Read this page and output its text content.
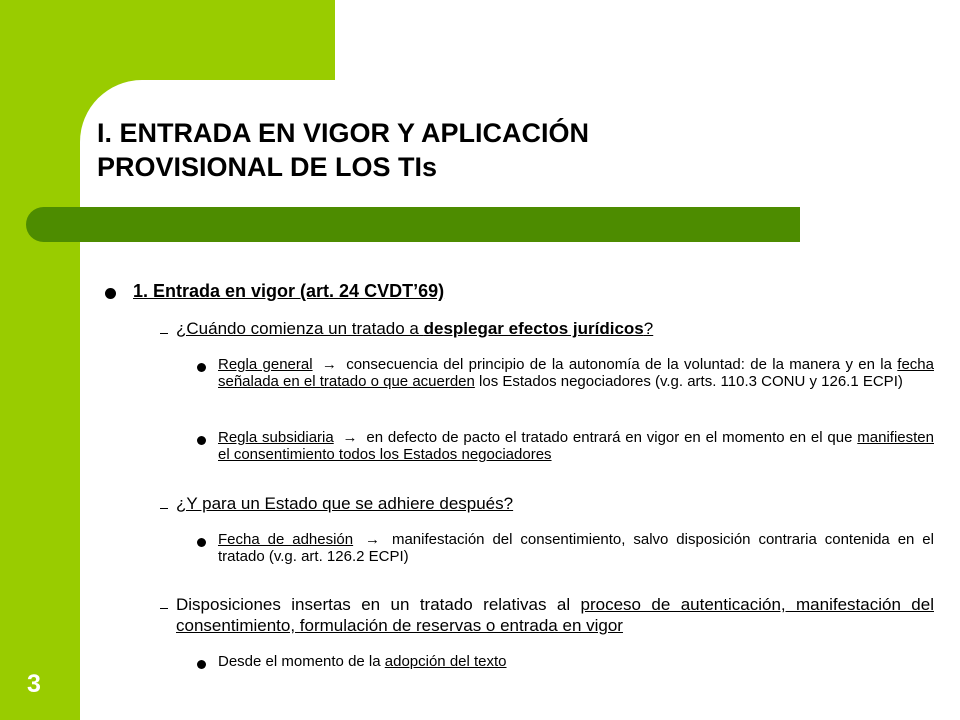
I. ENTRADA EN VIGOR Y APLICACIÓN
PROVISIONAL DE LOS TIs
3
1. Entrada en vigor (art. 24 CVDT’69)
¿Cuándo comienza un tratado a desplegar efectos jurídicos?
Regla general → consecuencia del principio de la autonomía de la voluntad: de la manera y en la fecha señalada en el tratado o que acuerden los Estados negociadores (v.g. arts. 110.3 CONU y 126.1 ECPI)
Regla subsidiaria → en defecto de pacto el tratado entrará en vigor en el momento en el que manifiesten el consentimiento todos los Estados negociadores
¿Y para un Estado que se adhiere después?
Fecha de adhesión → manifestación del consentimiento, salvo disposición contraria contenida en el tratado (v.g. art. 126.2 ECPI)
Disposiciones insertas en un tratado relativas al proceso de autenticación, manifestación del consentimiento, formulación de reservas o entrada en vigor
Desde el momento de la adopción del texto
